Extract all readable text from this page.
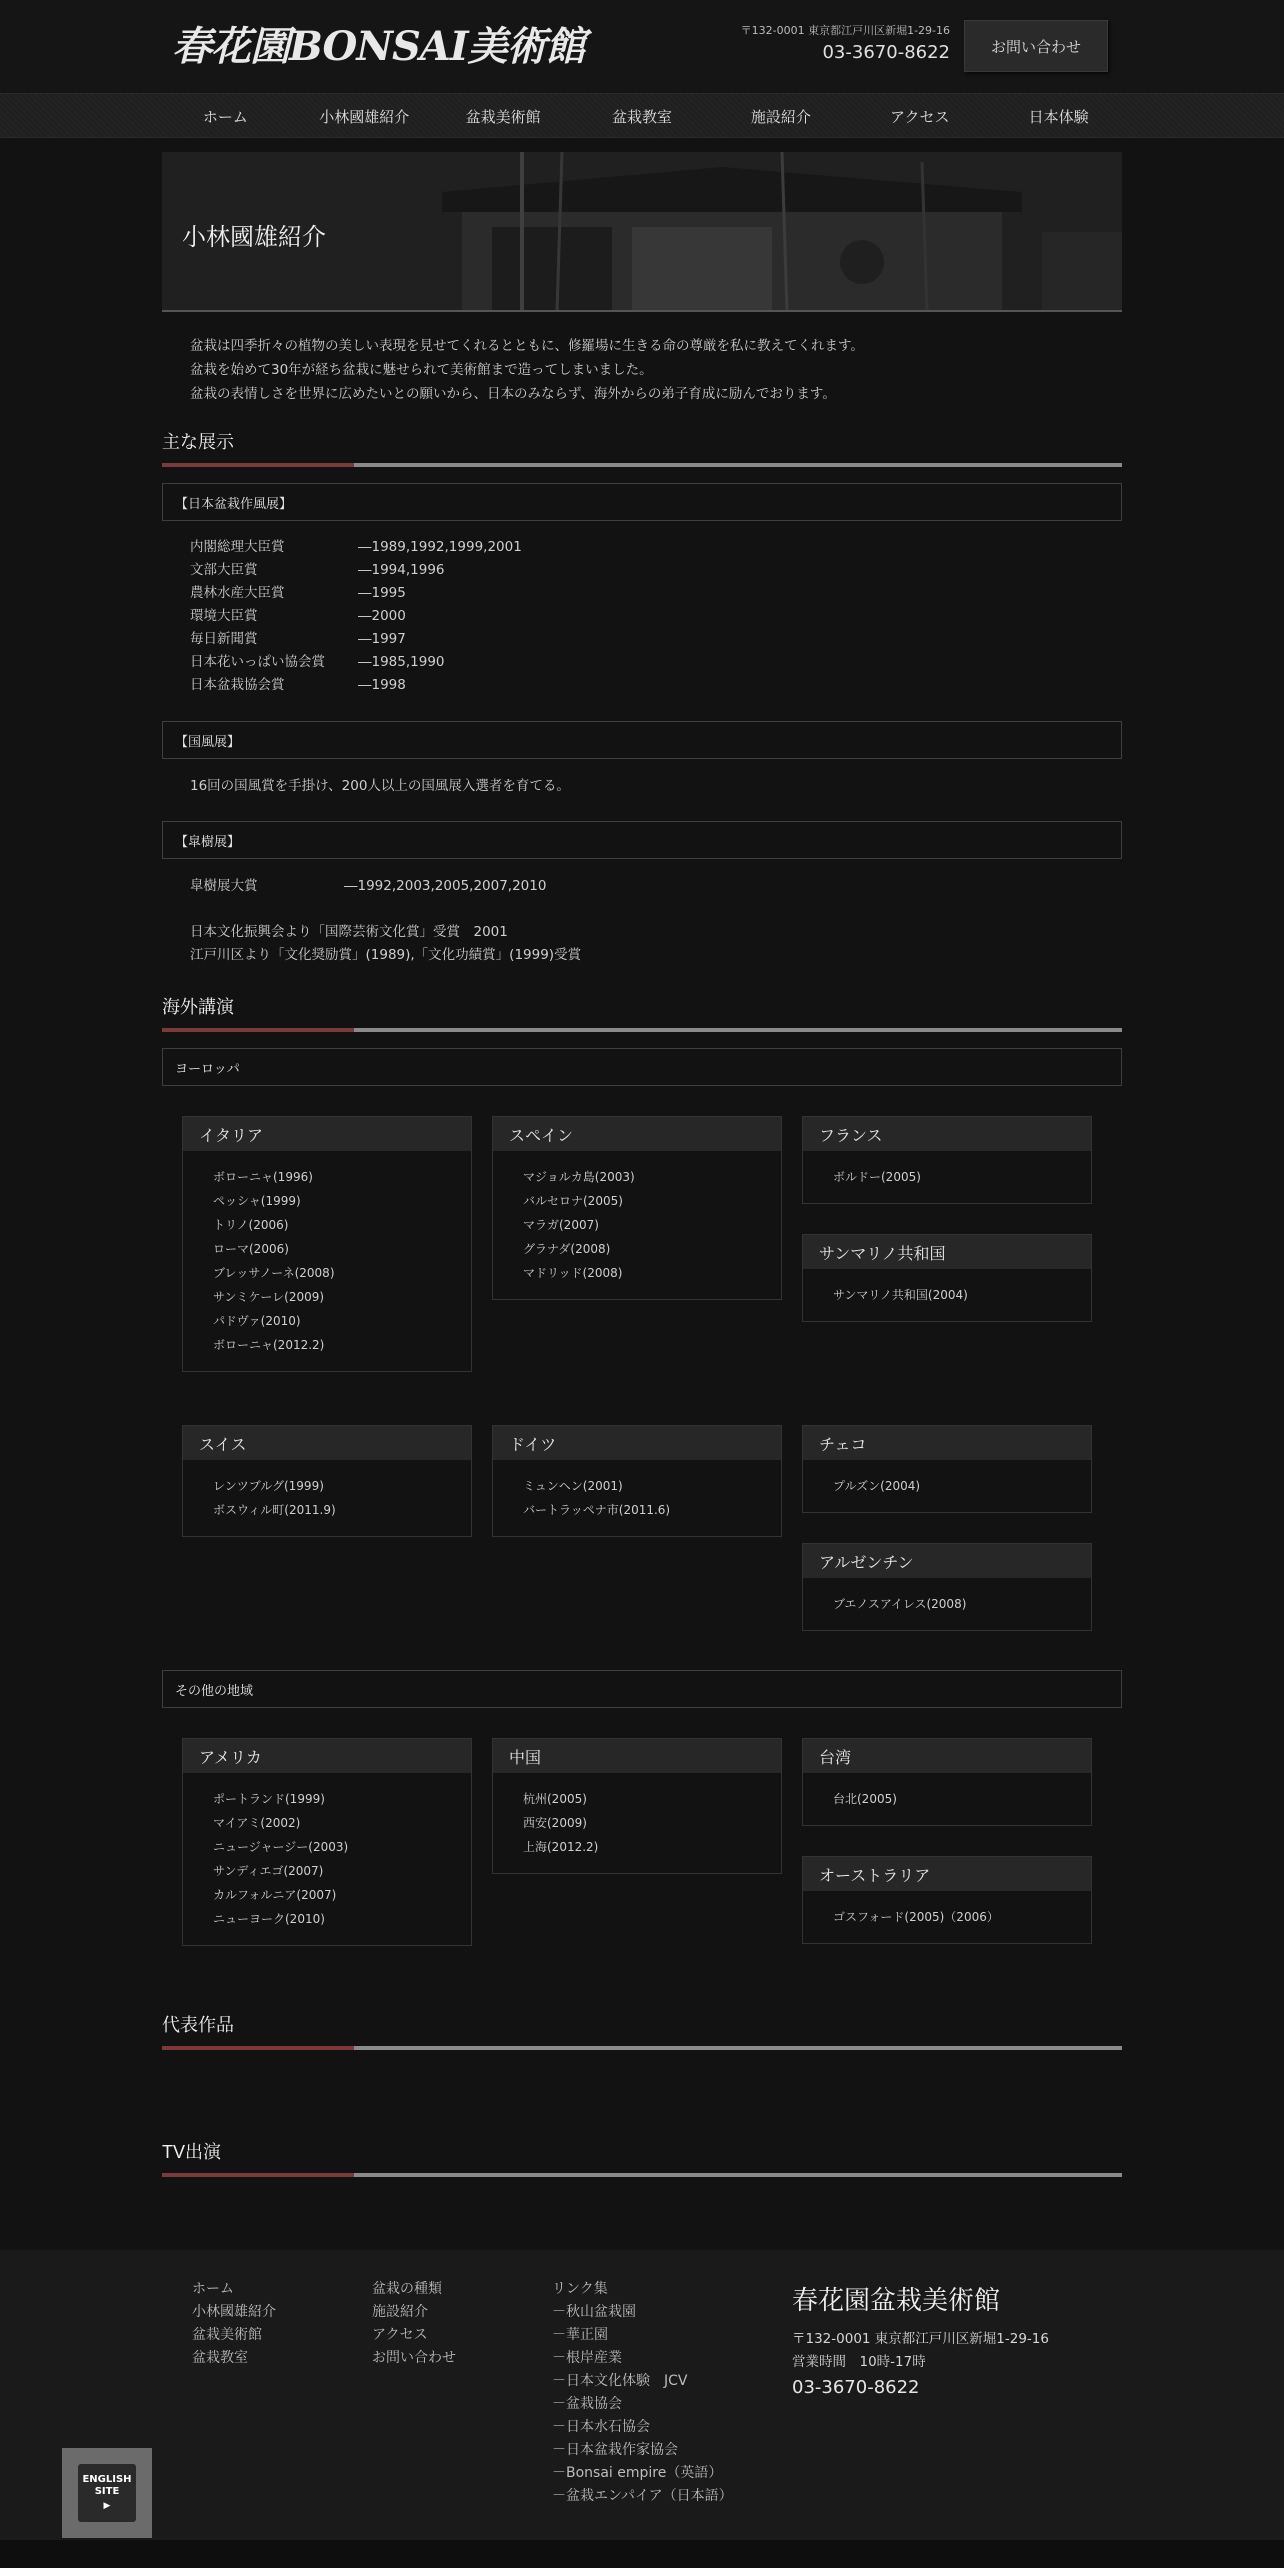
春花園BONSAI美術館	〒132-0001 東京都江戸川区新堀1-29-16
03-3670-8622	お問い合わせ
ホーム	小林國雄紹介	盆栽美術館	盆栽教室	施設紹介	アクセス	日本体験
小林國雄紹介
盆栽は四季折々の植物の美しい表現を見せてくれるとともに、修羅場に生きる命の尊厳を私に教えてくれます。
盆栽を始めて30年が経ち盆栽に魅せられて美術館まで造ってしまいました。
盆栽の表情しさを世界に広めたいとの願いから、日本のみならず、海外からの弟子育成に励んでおります。
主な展示
【日本盆栽作風展】
内閣総理大臣賞	―1989,1992,1999,2001
文部大臣賞	―1994,1996
農林水産大臣賞	―1995
環境大臣賞	―2000
毎日新聞賞	―1997
日本花いっぱい協会賞	―1985,1990
日本盆栽協会賞	―1998
【国風展】
16回の国風賞を手掛け、200人以上の国風展入選者を育てる。
【皐樹展】
皐樹展大賞	―1992,2003,2005,2007,2010
日本文化振興会より「国際芸術文化賞」受賞　2001
江戸川区より「文化奨励賞」(1989),「文化功績賞」(1999)受賞
海外講演
ヨーロッパ
イタリア
ボローニャ(1996)
ペッシャ(1999)
トリノ(2006)
ローマ(2006)
ブレッサノーネ(2008)
サンミケーレ(2009)
パドヴァ(2010)
ボローニャ(2012.2)
スペイン
マジョルカ島(2003)
バルセロナ(2005)
マラガ(2007)
グラナダ(2008)
マドリッド(2008)
フランス
ボルドー(2005)
サンマリノ共和国
サンマリノ共和国(2004)
スイス
レンツブルグ(1999)
ボスウィル町(2011.9)
ドイツ
ミュンヘン(2001)
バートラッペナ市(2011.6)
チェコ
プルズン(2004)
アルゼンチン
ブエノスアイレス(2008)
その他の地域
アメリカ
ポートランド(1999)
マイアミ(2002)
ニュージャージー(2003)
サンディエゴ(2007)
カルフォルニア(2007)
ニューヨーク(2010)
中国
杭州(2005)
西安(2009)
上海(2012.2)
台湾
台北(2005)
オーストラリア
ゴスフォード(2005)（2006）
代表作品
TV出演
ホーム
小林國雄紹介
盆栽美術館
盆栽教室
盆栽の種類
施設紹介
アクセス
お問い合わせ
リンク集
－秋山盆栽園
－華正園
－根岸産業
－日本文化体験　JCV
－盆栽協会
－日本水石協会
－日本盆栽作家協会
－Bonsai empire（英語）
－盆栽エンパイア（日本語）
春花園盆栽美術館
〒132-0001 東京都江戸川区新堀1-29-16
営業時間　10時-17時
03-3670-8622
ENGLISH
SITE
▶
